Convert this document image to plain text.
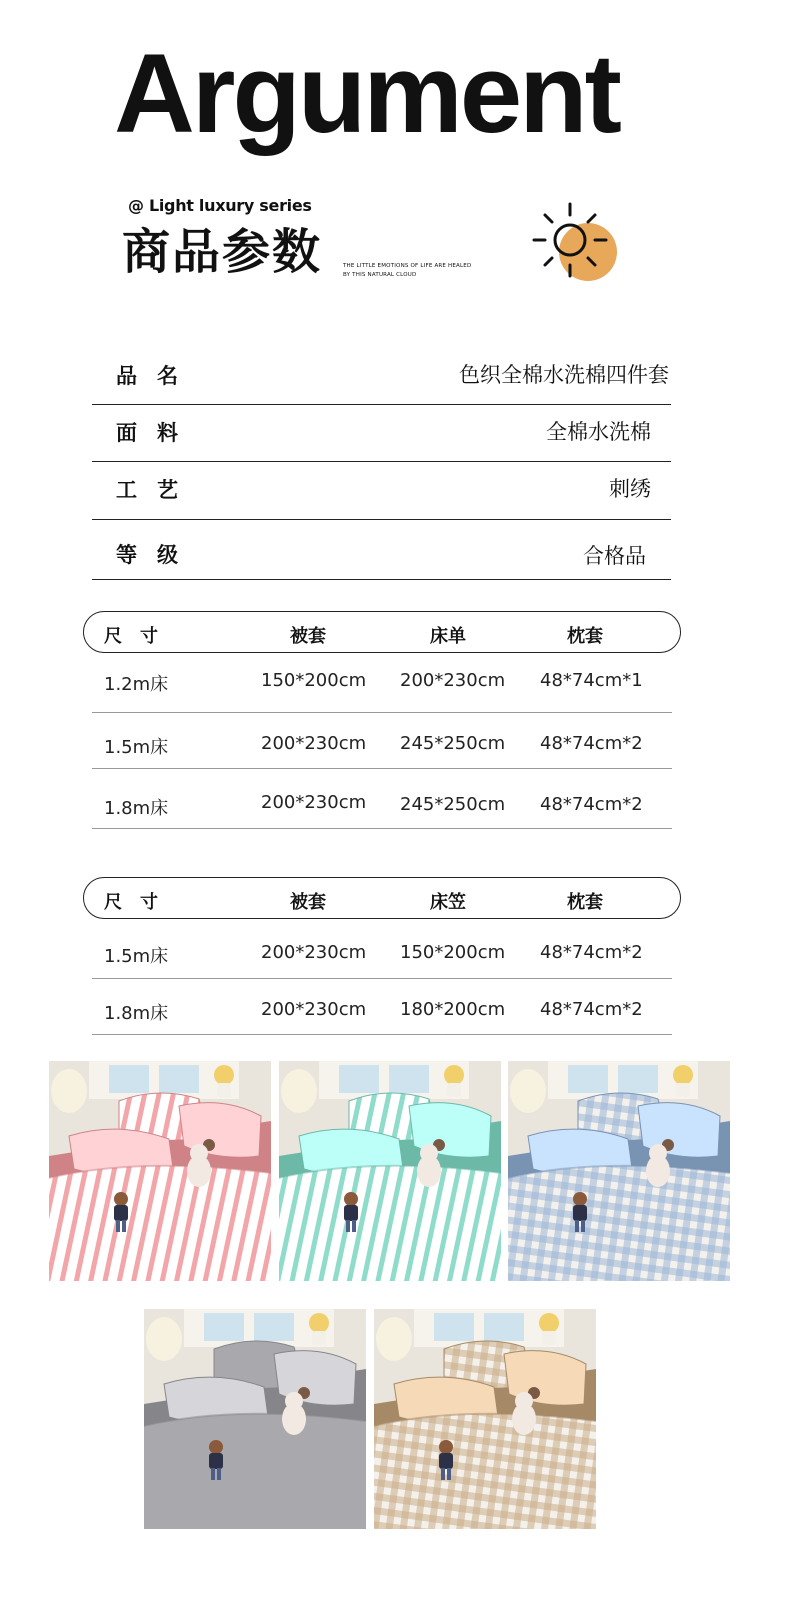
Argument
@ Light luxury series
商品参数	THE LITTLE EMOTIONS OF LIFE ARE HEALED
BY THIS NATURAL CLOUD
品名	色织全棉水洗棉四件套
面料	全棉水洗棉
工艺	刺绣
等级	合格品
尺寸	被套	床单	枕套
1.2m床	150*200cm 200*230cm 48*74cm*1
1.5m床	200*230cm 245*250cm 48*74cm*2
1.8m床	200*230cm 245*250cm 48*74cm*2
尺寸	被套	床笠	枕套
1.5m床	200*230cm 150*200cm 48*74cm*2
1.8m床	200*230cm 180*200cm 48*74cm*2
